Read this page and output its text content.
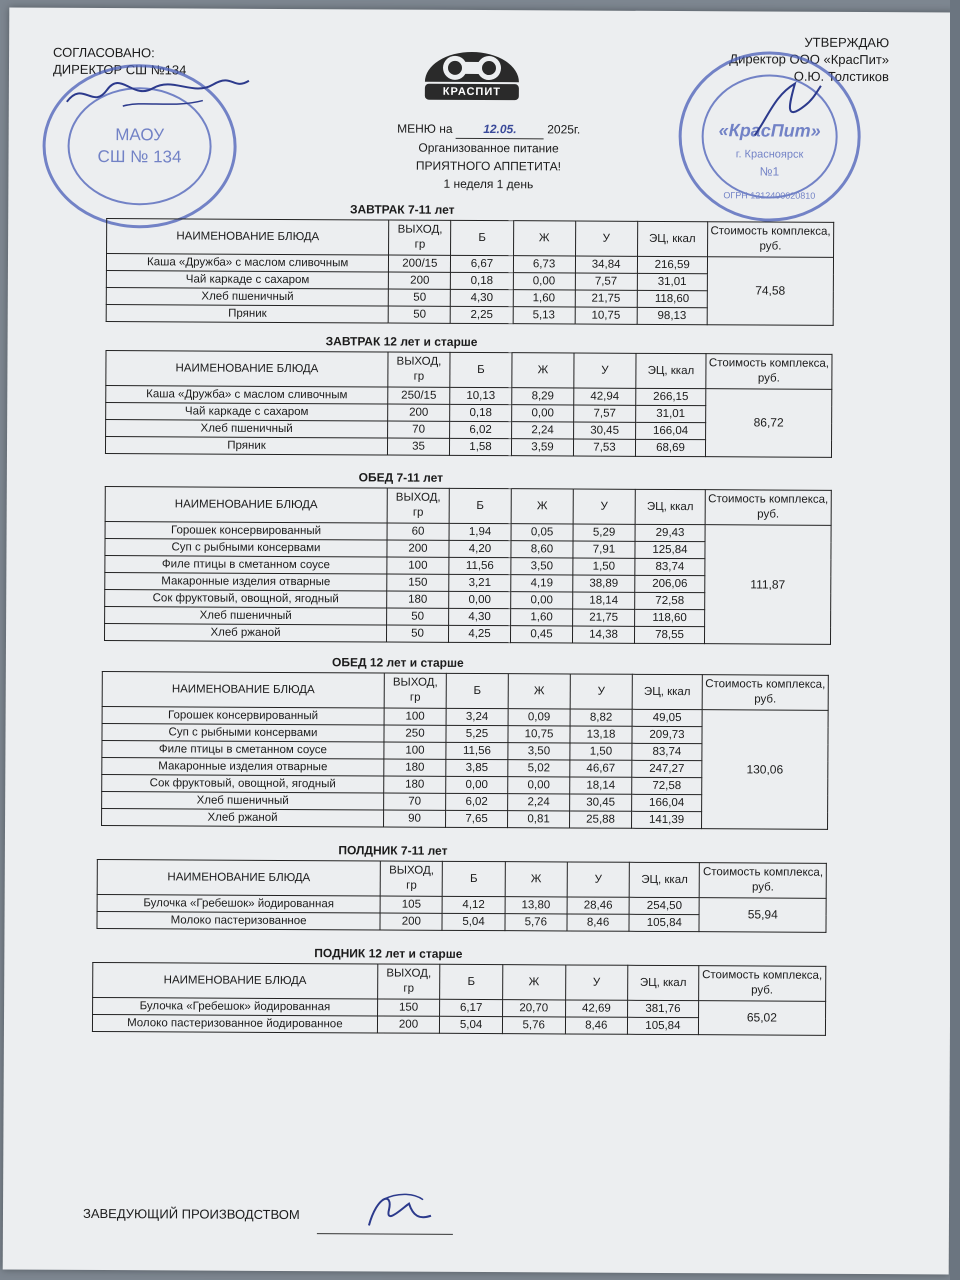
СОГЛАСОВАНО:
ДИРЕКТОР СШ №134
УТВЕРЖДАЮ
Директор ООО «КрасПит»
О.Ю. Толстиков
КРАСПИТ
МЕНЮ на	12.05.	2025г.
Организованное питание
ПРИЯТНОГО АППЕТИТА!
1 неделя 1 день
МАОУ
СШ № 134
«КрасПит»
г. Красноярск
№1
ОГРН 1212400020810
ЗАВТРАК 7-11 лет
НАИМЕНОВАНИЕ БЛЮДА	ВЫХОД, гр	Б	Ж	У	ЭЦ, ккал	Стоимость комплекса, руб.
Каша «Дружба» с маслом сливочным	200/15	6,67	6,73	34,84	216,59	74,58
Чай каркаде с сахаром	200	0,18	0,00	7,57	31,01	
Хлеб пшеничный	50	4,30	1,60	21,75	118,60	
Пряник	50	2,25	5,13	10,75	98,13	
ЗАВТРАК 12 лет и старше
НАИМЕНОВАНИЕ БЛЮДА	ВЫХОД, гр	Б	Ж	У	ЭЦ, ккал	Стоимость комплекса, руб.
Каша «Дружба» с маслом сливочным	250/15	10,13	8,29	42,94	266,15	86,72
Чай каркаде с сахаром	200	0,18	0,00	7,57	31,01	
Хлеб пшеничный	70	6,02	2,24	30,45	166,04	
Пряник	35	1,58	3,59	7,53	68,69	
ОБЕД 7-11 лет
НАИМЕНОВАНИЕ БЛЮДА	ВЫХОД, гр	Б	Ж	У	ЭЦ, ккал	Стоимость комплекса, руб.
Горошек консервированный	60	1,94	0,05	5,29	29,43	111,87
Суп с рыбными консервами	200	4,20	8,60	7,91	125,84	
Филе птицы в сметанном соусе	100	11,56	3,50	1,50	83,74	
Макаронные изделия отварные	150	3,21	4,19	38,89	206,06	
Сок фруктовый, овощной, ягодный	180	0,00	0,00	18,14	72,58	
Хлеб пшеничный	50	4,30	1,60	21,75	118,60	
Хлеб ржаной	50	4,25	0,45	14,38	78,55	
ОБЕД 12 лет и старше
НАИМЕНОВАНИЕ БЛЮДА	ВЫХОД, гр	Б	Ж	У	ЭЦ, ккал	Стоимость комплекса, руб.
Горошек консервированный	100	3,24	0,09	8,82	49,05	130,06
Суп с рыбными консервами	250	5,25	10,75	13,18	209,73	
Филе птицы в сметанном соусе	100	11,56	3,50	1,50	83,74	
Макаронные изделия отварные	180	3,85	5,02	46,67	247,27	
Сок фруктовый, овощной, ягодный	180	0,00	0,00	18,14	72,58	
Хлеб пшеничный	70	6,02	2,24	30,45	166,04	
Хлеб ржаной	90	7,65	0,81	25,88	141,39	
ПОЛДНИК 7-11 лет
НАИМЕНОВАНИЕ БЛЮДА	ВЫХОД, гр	Б	Ж	У	ЭЦ, ккал	Стоимость комплекса, руб.
Булочка «Гребешок» йодированная	105	4,12	13,80	28,46	254,50	55,94
Молоко пастеризованное	200	5,04	5,76	8,46	105,84	
ПОДНИК 12 лет и старше
НАИМЕНОВАНИЕ БЛЮДА	ВЫХОД, гр	Б	Ж	У	ЭЦ, ккал	Стоимость комплекса, руб.
Булочка «Гребешок» йодированная	150	6,17	20,70	42,69	381,76	65,02
Молоко пастеризованное йодированное	200	5,04	5,76	8,46	105,84	
ЗАВЕДУЮЩИЙ ПРОИЗВОДСТВОМ
